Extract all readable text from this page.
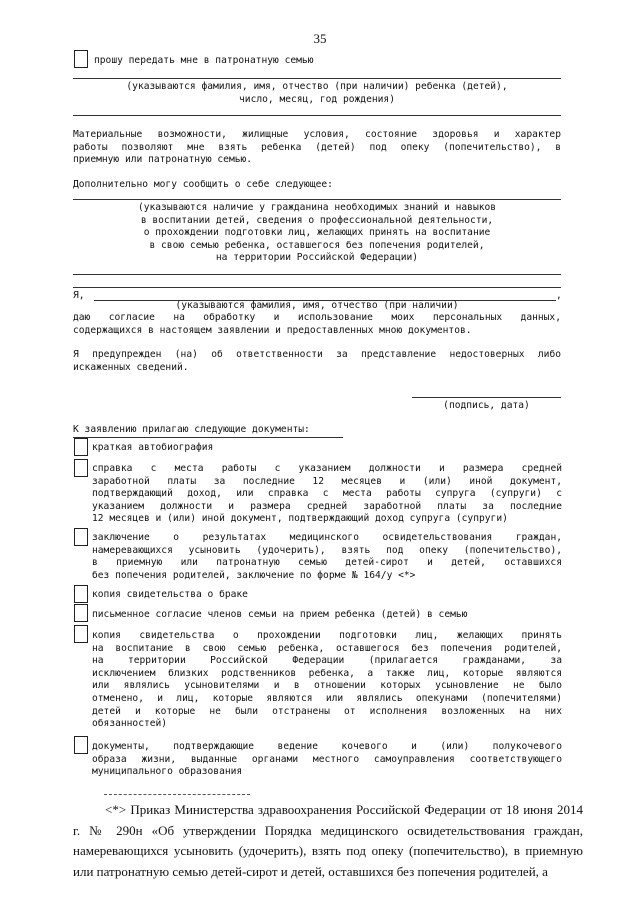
35
прошу передать мне в патронатную семью
(указываются фамилия, имя, отчество (при наличии) ребенка (детей),
число, месяц, год рождения)
Материальные возможности, жилищные условия, состояние здоровья и характер
работы позволяют мне взять ребенка (детей) под опеку (попечительство), в
приемную или патронатную семью.
Дополнительно могу сообщить о себе следующее:
(указываются наличие у гражданина необходимых знаний и навыков
в воспитании детей, сведения о профессиональной деятельности,
о прохождении подготовки лиц, желающих принять на воспитание
в свою семью ребенка, оставшегося без попечения родителей,
на территории Российской Федерации)
Я,	,
(указываются фамилия, имя, отчество (при наличии)
даю согласие на обработку и использование моих персональных данных,
содержащихся в настоящем заявлении и предоставленных мною документов.
Я предупрежден (на) об ответственности за представление недостоверных либо
искаженных сведений.
(подпись, дата)
К заявлению прилагаю следующие документы:
краткая автобиография
справка с места работы с указанием должности и размера средней
заработной платы за последние 12 месяцев и (или) иной документ,
подтверждающий доход, или справка с места работы супруга (супруги) с
указанием должности и размера средней заработной платы за последние
12 месяцев и (или) иной документ, подтверждающий доход супруга (супруги)
заключение о результатах медицинского освидетельствования граждан,
намеревающихся усыновить (удочерить), взять под опеку (попечительство),
в приемную или патронатную семью детей-сирот и детей, оставшихся
без попечения родителей, заключение по форме № 164/у <*>
копия свидетельства о браке
письменное согласие членов семьи на прием ребенка (детей) в семью
копия свидетельства о прохождении подготовки лиц, желающих принять
на воспитание в свою семью ребенка, оставшегося без попечения родителей,
на территории Российской Федерации (прилагается гражданами, за
исключением близких родственников ребенка, а также лиц, которые являются
или являлись усыновителями и в отношении которых усыновление не было
отменено, и лиц, которые являются или являлись опекунами (попечителями)
детей и которые не были отстранены от исполнения возложенных на них
обязанностей)
документы, подтверждающие ведение кочевого и (или) полукочевого
образа жизни, выданные органами местного самоуправления соответствующего
муниципального образования
<*> Приказ Министерства здравоохранения Российской Федерации от 18 июня 2014 г. № 290н «Об утверждении Порядка медицинского освидетельствования граждан, намеревающихся усыновить (удочерить), взять под опеку (попечительство), в приемную или патронатную семью детей-сирот и детей, оставшихся без попечения родителей, а
